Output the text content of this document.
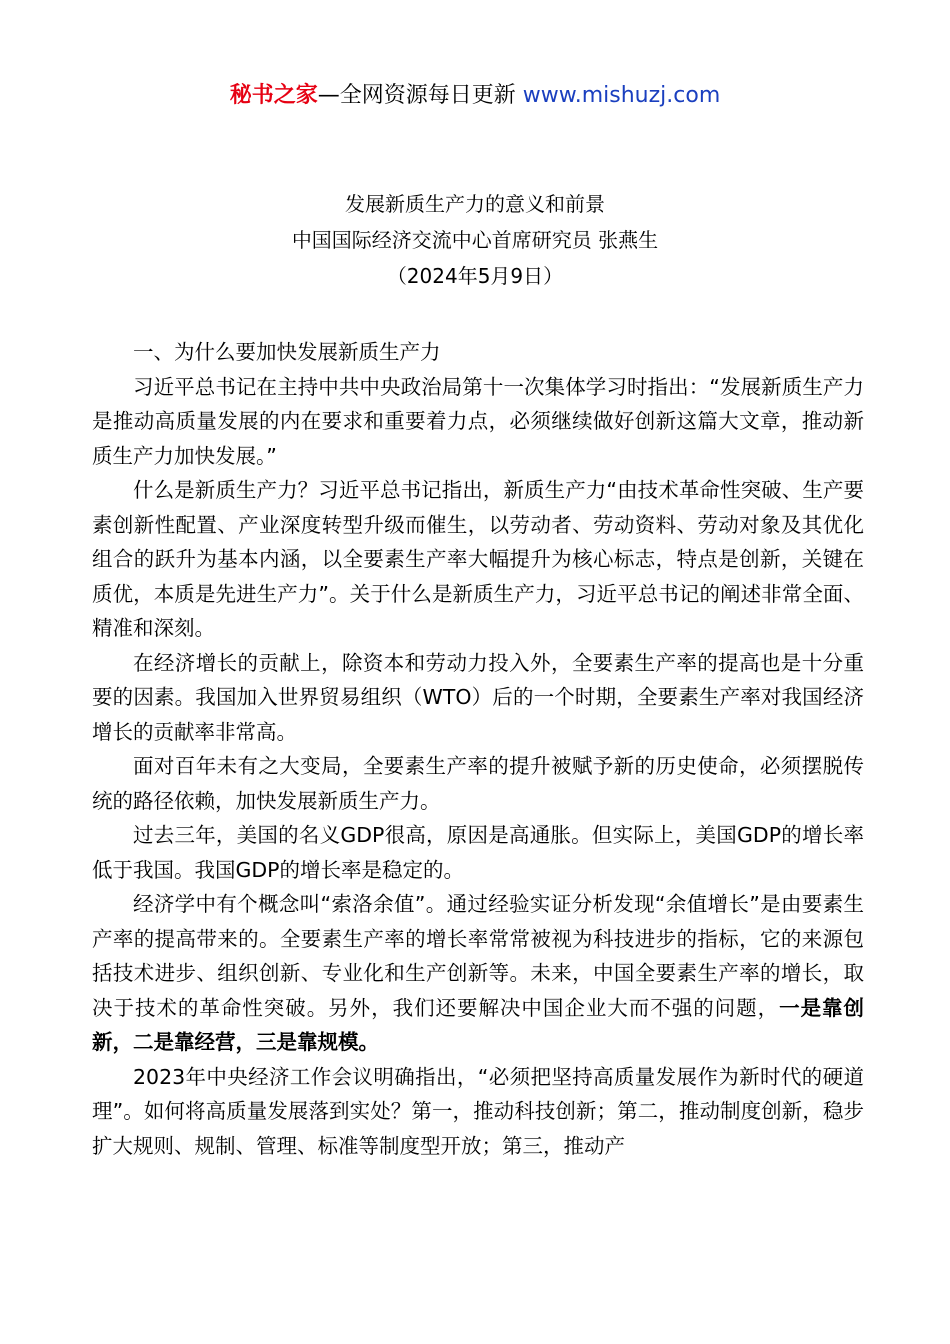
秘书之家—全网资源每日更新 www.mishuzj.com

发展新质生产力的意义和前景

中国国际经济交流中心首席研究员 张燕生

（2024年5月9日）

一、为什么要加快发展新质生产力

习近平总书记在主持中共中央政治局第十一次集体学习时指出：“发展新质生产力是推动高质量发展的内在要求和重要着力点，必须继续做好创新这篇大文章，推动新质生产力加快发展。”

什么是新质生产力？习近平总书记指出，新质生产力“由技术革命性突破、生产要素创新性配置、产业深度转型升级而催生，以劳动者、劳动资料、劳动对象及其优化组合的跃升为基本内涵，以全要素生产率大幅提升为核心标志，特点是创新，关键在质优，本质是先进生产力”。关于什么是新质生产力，习近平总书记的阐述非常全面、精准和深刻。

在经济增长的贡献上，除资本和劳动力投入外，全要素生产率的提高也是十分重要的因素。我国加入世界贸易组织（WTO）后的一个时期，全要素生产率对我国经济增长的贡献率非常高。

面对百年未有之大变局，全要素生产率的提升被赋予新的历史使命，必须摆脱传统的路径依赖，加快发展新质生产力。

过去三年，美国的名义GDP很高，原因是高通胀。但实际上，美国GDP的增长率低于我国。我国GDP的增长率是稳定的。

经济学中有个概念叫“索洛余值”。通过经验实证分析发现“余值增长”是由要素生产率的提高带来的。全要素生产率的增长率常常被视为科技进步的指标，它的来源包括技术进步、组织创新、专业化和生产创新等。未来，中国全要素生产率的增长，取决于技术的革命性突破。另外，我们还要解决中国企业大而不强的问题，一是靠创新，二是靠经营，三是靠规模。

2023年中央经济工作会议明确指出，“必须把坚持高质量发展作为新时代的硬道理”。如何将高质量发展落到实处？第一，推动科技创新；第二，推动制度创新，稳步扩大规则、规制、管理、标准等制度型开放；第三，推动产
